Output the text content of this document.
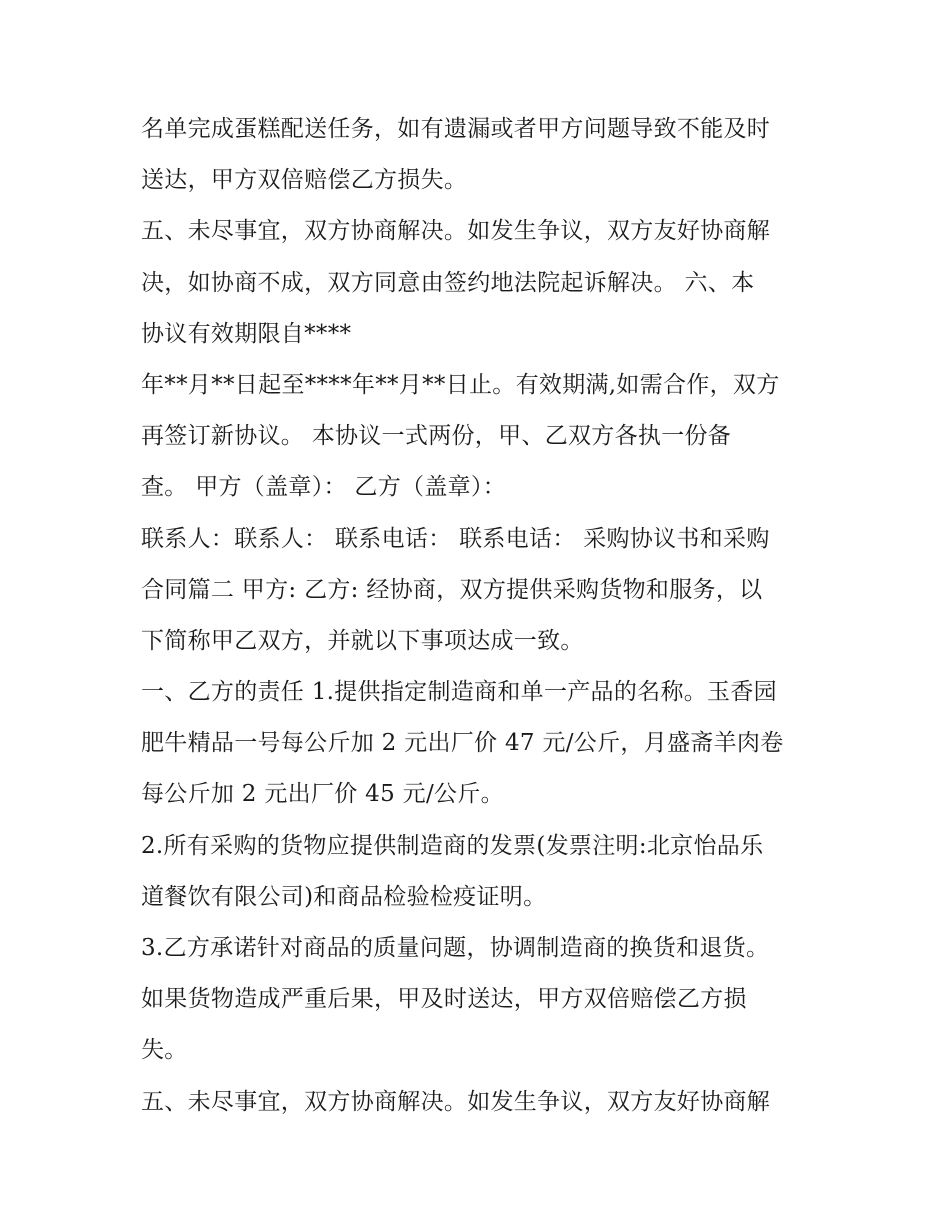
名单完成蛋糕配送任务，如有遗漏或者甲方问题导致不能及时
送达，甲方双倍赔偿乙方损失。
五、未尽事宜，双方协商解决。如发生争议，双方友好协商解
决，如协商不成，双方同意由签约地法院起诉解决。 六、本
协议有效期限自****
年**月**日起至****年**月**日止。有效期满,如需合作，双方
再签订新协议。 本协议一式两份，甲、乙双方各执一份备
查。 甲方（盖章）： 乙方（盖章）：
联系人：联系人： 联系电话： 联系电话： 采购协议书和采购
合同篇二 甲方: 乙方: 经协商，双方提供采购货物和服务，以
下简称甲乙双方，并就以下事项达成一致。
一、乙方的责任 1.提供指定制造商和单一产品的名称。玉香园
肥牛精品一号每公斤加 2 元出厂价 47 元/公斤，月盛斋羊肉卷
每公斤加 2 元出厂价 45 元/公斤。
2.所有采购的货物应提供制造商的发票(发票注明:北京怡品乐
道餐饮有限公司)和商品检验检疫证明。
3.乙方承诺针对商品的质量问题，协调制造商的换货和退货。
如果货物造成严重后果，甲及时送达，甲方双倍赔偿乙方损
失。
五、未尽事宜，双方协商解决。如发生争议，双方友好协商解
